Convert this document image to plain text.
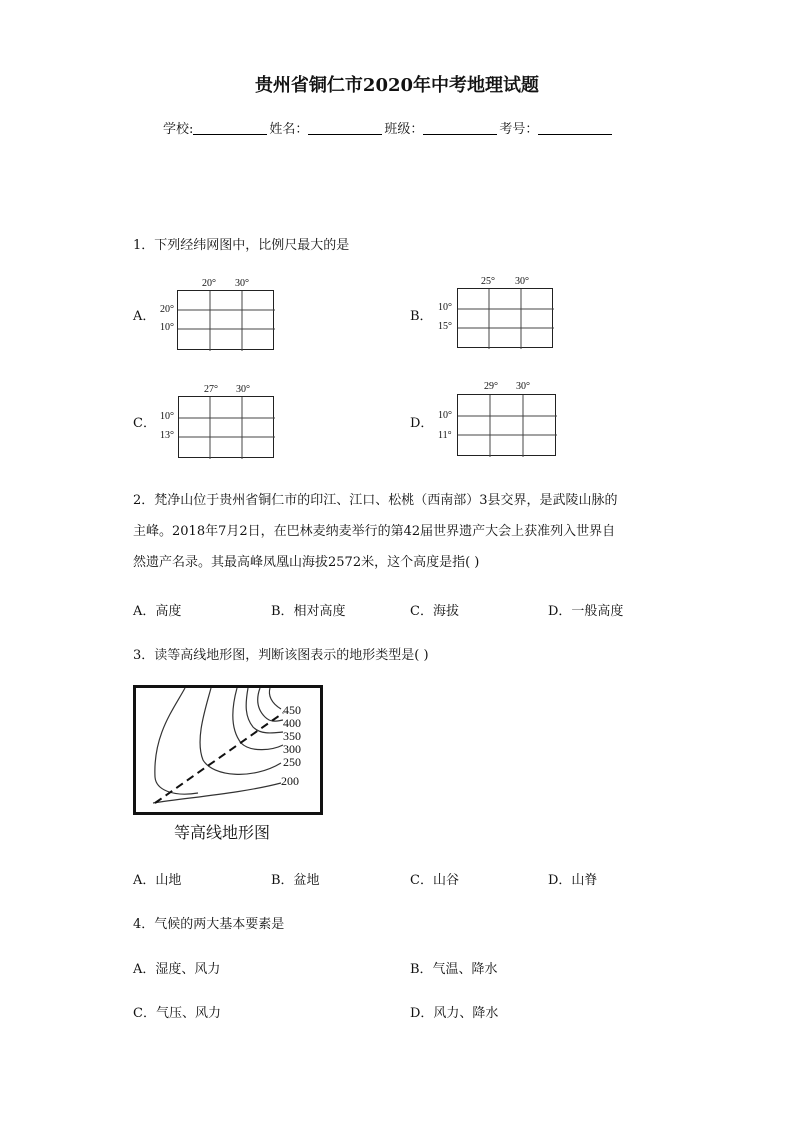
贵州省铜仁市2020年中考地理试题
学校:	姓名：	班级：	考号：
1．下列经纬网图中，比例尺最大的是
A．
20° 30°
20°
10°
B．
25° 30°
10°
15°
C．
27° 30°
10°
13°
D．
29° 30°
10°
11°
2．梵净山位于贵州省铜仁市的印江、江口、松桃（西南部）3县交界，是武陵山脉的
主峰。2018年7月2日，在巴林麦纳麦举行的第42届世界遗产大会上获准列入世界自
然遗产名录。其最高峰凤凰山海拔2572米，这个高度是指( )
A．高度	B．相对高度	C．海拔	D．一般高度
3．读等高线地形图，判断该图表示的地形类型是( )
450
400
350
300
250
200
等高线地形图
A．山地	B．盆地	C．山谷	D．山脊
4．气候的两大基本要素是
A．湿度、风力	B．气温、降水
C．气压、风力	D．风力、降水
